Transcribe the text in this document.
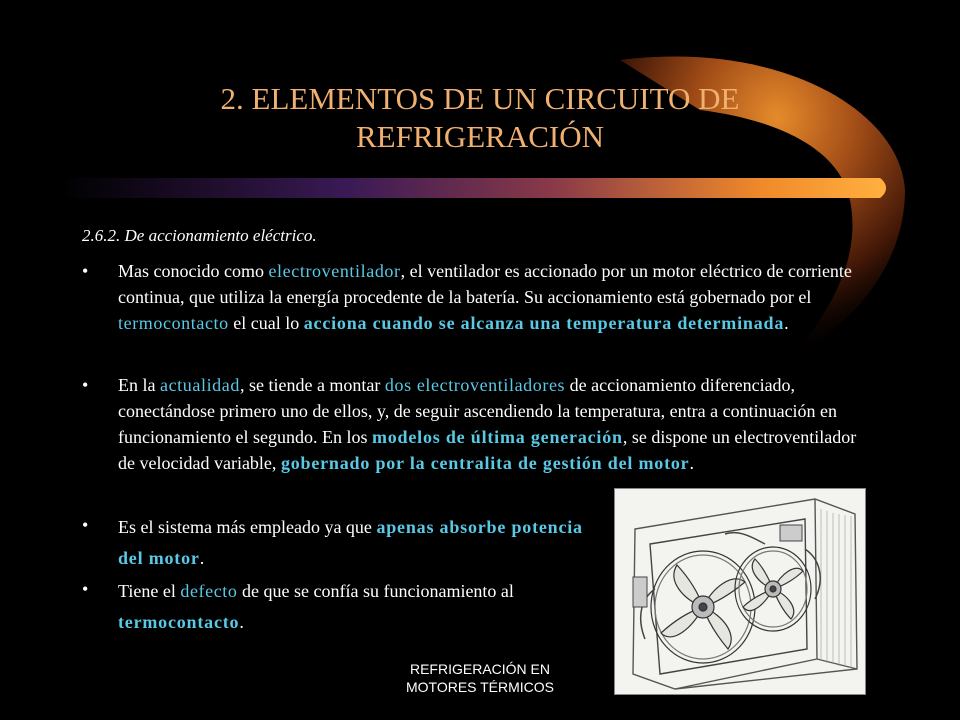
2. ELEMENTOS DE UN CIRCUITO DE
REFRIGERACIÓN
2.6.2. De accionamiento eléctrico.
•	Mas conocido como electroventilador, el ventilador es accionado por un motor eléctrico de corriente continua, que utiliza la energía procedente de la batería. Su accionamiento está gobernado por el termocontacto el cual lo acciona cuando se alcanza una temperatura determinada.
•	En la actualidad, se tiende a montar dos electroventiladores de accionamiento diferenciado, conectándose primero uno de ellos, y, de seguir ascendiendo la temperatura, entra a continuación en funcionamiento el segundo. En los modelos de última generación, se dispone un electroventilador de velocidad variable, gobernado por la centralita de gestión del motor.
•	Es el sistema más empleado ya que apenas absorbe potencia del motor.
•	Tiene el defecto de que se confía su funcionamiento al termocontacto.
REFRIGERACIÓN EN
MOTORES TÉRMICOS
